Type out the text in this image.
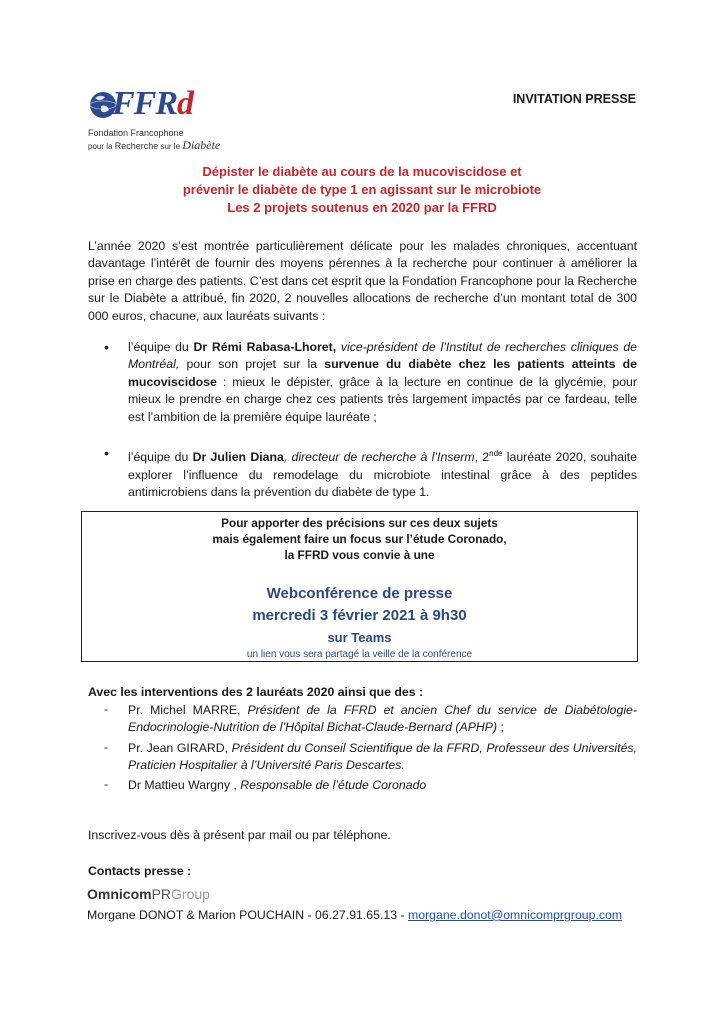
FFRd
Fondation Francophone
pour la Recherche sur le Diabète
INVITATION PRESSE
Dépister le diabète au cours de la mucoviscidose et
prévenir le diabète de type 1 en agissant sur le microbiote
Les 2 projets soutenus en 2020 par la FFRD
L’année 2020 s’est montrée particulièrement délicate pour les malades chroniques, accentuant davantage l’intérêt de fournir des moyens pérennes à la recherche pour continuer à améliorer la prise en charge des patients. C’est dans cet esprit que la Fondation Francophone pour la Recherche sur le Diabète a attribué, fin 2020, 2 nouvelles allocations de recherche d’un montant total de 300 000 euros, chacune, aux lauréats suivants :
• l’équipe du Dr Rémi Rabasa-Lhoret, vice-président de l’Institut de recherches cliniques de Montréal, pour son projet sur la survenue du diabète chez les patients atteints de mucoviscidose : mieux le dépister, grâce à la lecture en continue de la glycémie, pour mieux le prendre en charge chez ces patients très largement impactés par ce fardeau, telle est l’ambition de la première équipe lauréate ;
• l’équipe du Dr Julien Diana, directeur de recherche à l’Inserm, 2nde lauréate 2020, souhaite explorer l’influence du remodelage du microbiote intestinal grâce à des peptides antimicrobiens dans la prévention du diabète de type 1.
Pour apporter des précisions sur ces deux sujets
mais également faire un focus sur l’étude Coronado,
la FFRD vous convie à une
Webconférence de presse
mercredi 3 février 2021 à 9h30
sur Teams
un lien vous sera partagé la veille de la conférence
Avec les interventions des 2 lauréats 2020 ainsi que des :
- Pr. Michel MARRE, Président de la FFRD et ancien Chef du service de Diabétologie-Endocrinologie-Nutrition de l’Hôpital Bichat-Claude-Bernard (APHP) ;
- Pr. Jean GIRARD, Président du Conseil Scientifique de la FFRD, Professeur des Universités, Praticien Hospitalier à l’Université Paris Descartes.
- Dr Mattieu Wargny , Responsable de l’étude Coronado
Inscrivez-vous dès à présent par mail ou par téléphone.
Contacts presse :
OmnicomPRGroup
Morgane DONOT & Marion POUCHAIN - 06.27.91.65.13 - morgane.donot@omnicomprgroup.com
